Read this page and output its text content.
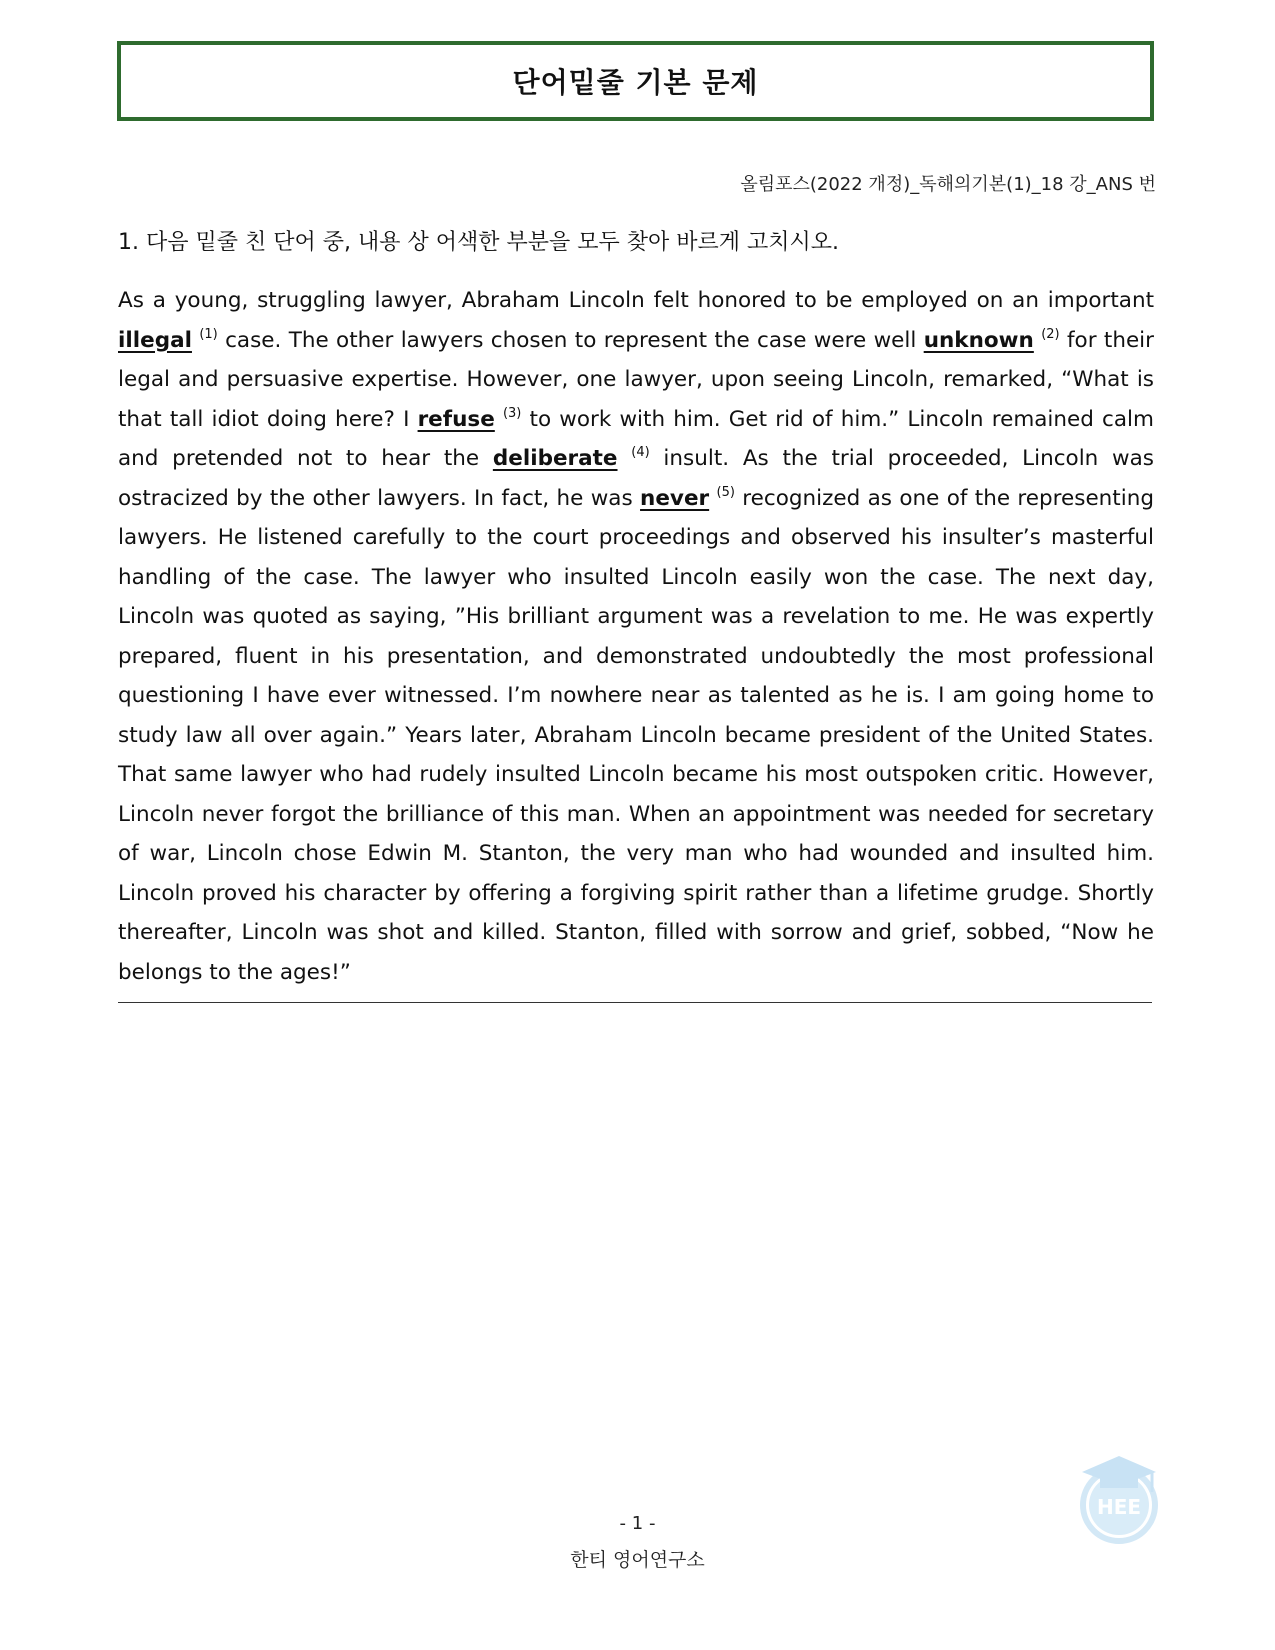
단어밑줄 기본 문제
올림포스(2022 개정)_독해의기본(1)_18 강_ANS 번
1. 다음 밑줄 친 단어 중, 내용 상 어색한 부분을 모두 찾아 바르게 고치시오.

As a young, struggling lawyer, Abraham Lincoln felt honored to be employed on an important illegal $^{(1)}$ case. The other lawyers chosen to represent the case were well unknown $^{(2)}$ for their legal and persuasive expertise. However, one lawyer, upon seeing Lincoln, remarked, “What is that tall idiot doing here? I refuse $^{(3)}$ to work with him. Get rid of him.” Lincoln remained calm and pretended not to hear the deliberate $^{(4)}$ insult. As the trial proceeded, Lincoln was ostracized by the other lawyers. In fact, he was never $^{(5)}$ recognized as one of the representing lawyers. He listened carefully to the court proceedings and observed his insulter’s masterful handling of the case. The lawyer who insulted Lincoln easily won the case. The next day, Lincoln was quoted as saying, ”His brilliant argument was a revelation to me. He was expertly prepared, fluent in his presentation, and demonstrated undoubtedly the most professional questioning I have ever witnessed. I’m nowhere near as talented as he is. I am going home to study law all over again.” Years later, Abraham Lincoln became president of the United States. That same lawyer who had rudely insulted Lincoln became his most outspoken critic. However, Lincoln never forgot the brilliance of this man. When an appointment was needed for secretary of war, Lincoln chose Edwin M. Stanton, the very man who had wounded and insulted him. Lincoln proved his character by offering a forgiving spirit rather than a lifetime grudge. Shortly thereafter, Lincoln was shot and killed. Stanton, filled with sorrow and grief, sobbed, “Now he belongs to the ages!”

- 1 -
한티 영어연구소
HEE
